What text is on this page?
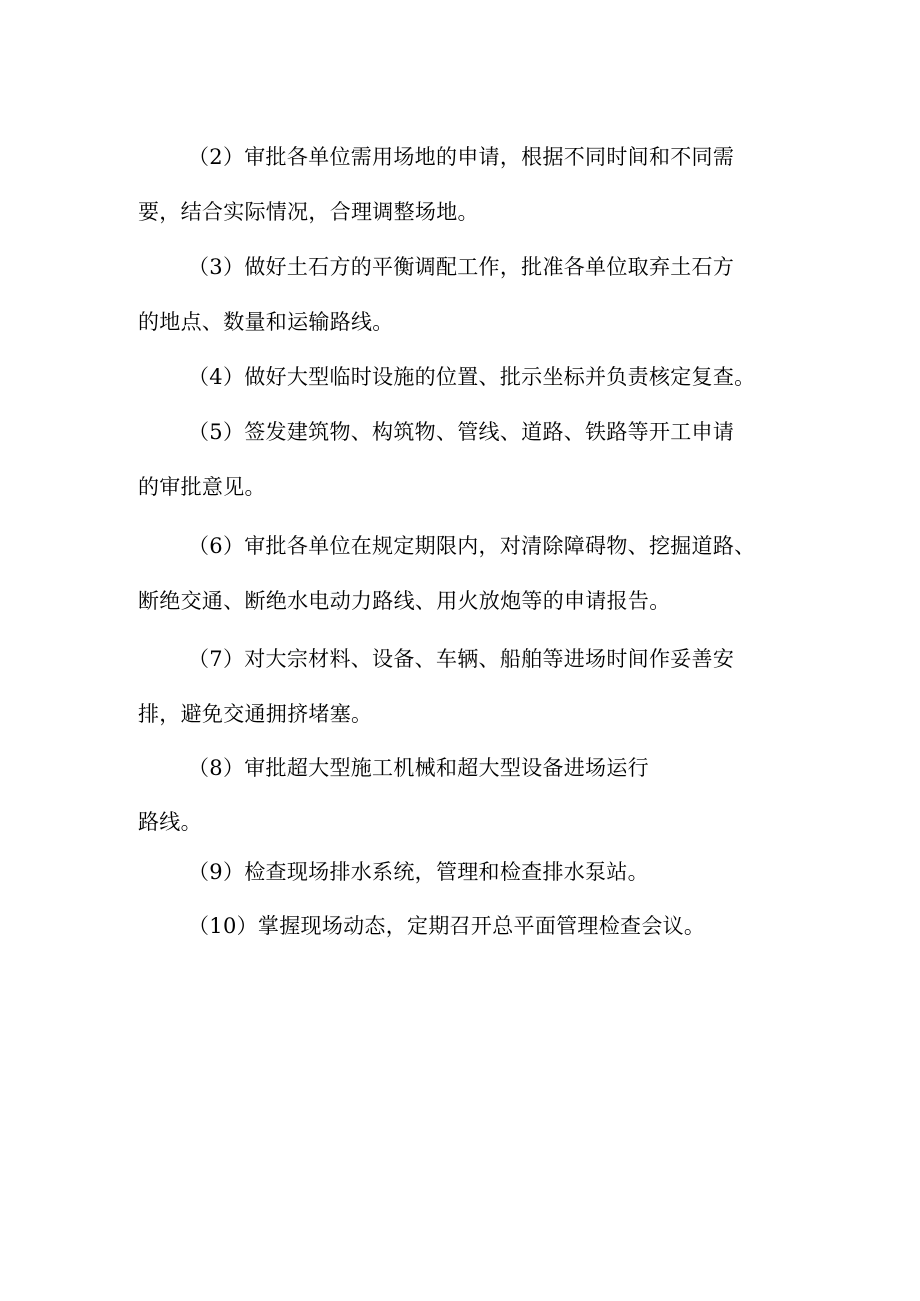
（2）审批各单位需用场地的申请，根据不同时间和不同需
要，结合实际情况，合理调整场地。
（3）做好土石方的平衡调配工作，批准各单位取弃土石方
的地点、数量和运输路线。
（4）做好大型临时设施的位置、批示坐标并负责核定复查。
（5）签发建筑物、构筑物、管线、道路、铁路等开工申请
的审批意见。
（6）审批各单位在规定期限内，对清除障碍物、挖掘道路、
断绝交通、断绝水电动力路线、用火放炮等的申请报告。
（7）对大宗材料、设备、车辆、船舶等进场时间作妥善安
排，避免交通拥挤堵塞。
（8）审批超大型施工机械和超大型设备进场运行
路线。
（9）检查现场排水系统，管理和检查排水泵站。
（10）掌握现场动态，定期召开总平面管理检查会议。
